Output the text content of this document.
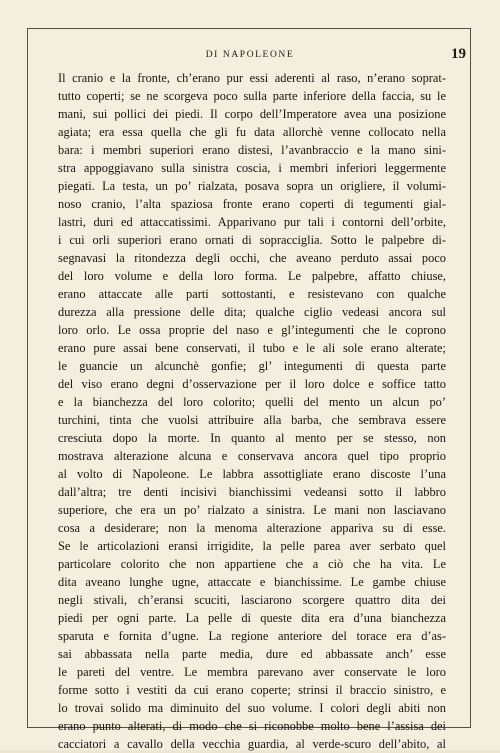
DI NAPOLEONE	19
Il cranio e la fronte, ch’erano pur essi aderenti al raso, n’erano soprat-
tutto coperti; se ne scorgeva poco sulla parte inferiore della faccia, su le
mani, sui pollici dei piedi. Il corpo dell’Imperatore avea una posizione
agiata; era essa quella che gli fu data allorchè venne collocato nella
bara: i membri superiori erano distesi, l’avanbraccio e la mano sini-
stra appoggiavano sulla sinistra coscia, i membri inferiori leggermente
piegati. La testa, un po’ rialzata, posava sopra un origliere, il volumi-
noso cranio, l’alta spaziosa fronte erano coperti di tegumenti gial-
lastri, duri ed attaccatissimi. Apparivano pur tali i contorni dell’orbite,
i cui orli superiori erano ornati di sopracciglia. Sotto le palpebre di-
segnavasi la ritondezza degli occhi, che aveano perduto assai poco
del loro volume e della loro forma. Le palpebre, affatto chiuse,
erano attaccate alle parti sottostanti, e resistevano con qualche
durezza alla pressione delle dita; qualche ciglio vedeasi ancora sul
loro orlo. Le ossa proprie del naso e gl’integumenti che le coprono
erano pure assai bene conservati, il tubo e le ali sole erano alterate;
le guancie un alcunchè gonfie; gl’ integumenti di questa parte
del viso erano degni d’osservazione per il loro dolce e soffice tatto
e la bianchezza del loro colorito; quelli del mento un alcun po’
turchini, tinta che vuolsi attribuire alla barba, che sembrava essere
cresciuta dopo la morte. In quanto al mento per se stesso, non
mostrava alterazione alcuna e conservava ancora quel tipo proprio
al volto di Napoleone. Le labbra assottigliate erano discoste l’una
dall’altra; tre denti incisivi bianchissimi vedeansi sotto il labbro
superiore, che era un po’ rialzato a sinistra. Le mani non lasciavano
cosa a desiderare; non la menoma alterazione appariva su di esse.
Se le articolazioni eransi irrigidite, la pelle parea aver serbato quel
particolare colorito che non appartiene che a ciò che ha vita. Le
dita aveano lunghe ugne, attaccate e bianchissime. Le gambe chiuse
negli stivali, ch’eransi scuciti, lasciarono scorgere quattro dita dei
piedi per ogni parte. La pelle di queste dita era d’una bianchezza
sparuta e fornita d’ugne. La regione anteriore del torace era d’as-
sai abbassata nella parte media, dure ed abbassate anch’ esse
le pareti del ventre. Le membra parevano aver conservate le loro
forme sotto i vestiti da cui erano coperte; strinsi il braccio sinistro, e
lo trovai solido ma diminuito del suo volume. I colori degli abiti non
erano punto alterati, di modo che si riconobbe molto bene l’assisa dei
cacciatori a cavallo della vecchia guardia, al verde-scuro dell’abito, al
